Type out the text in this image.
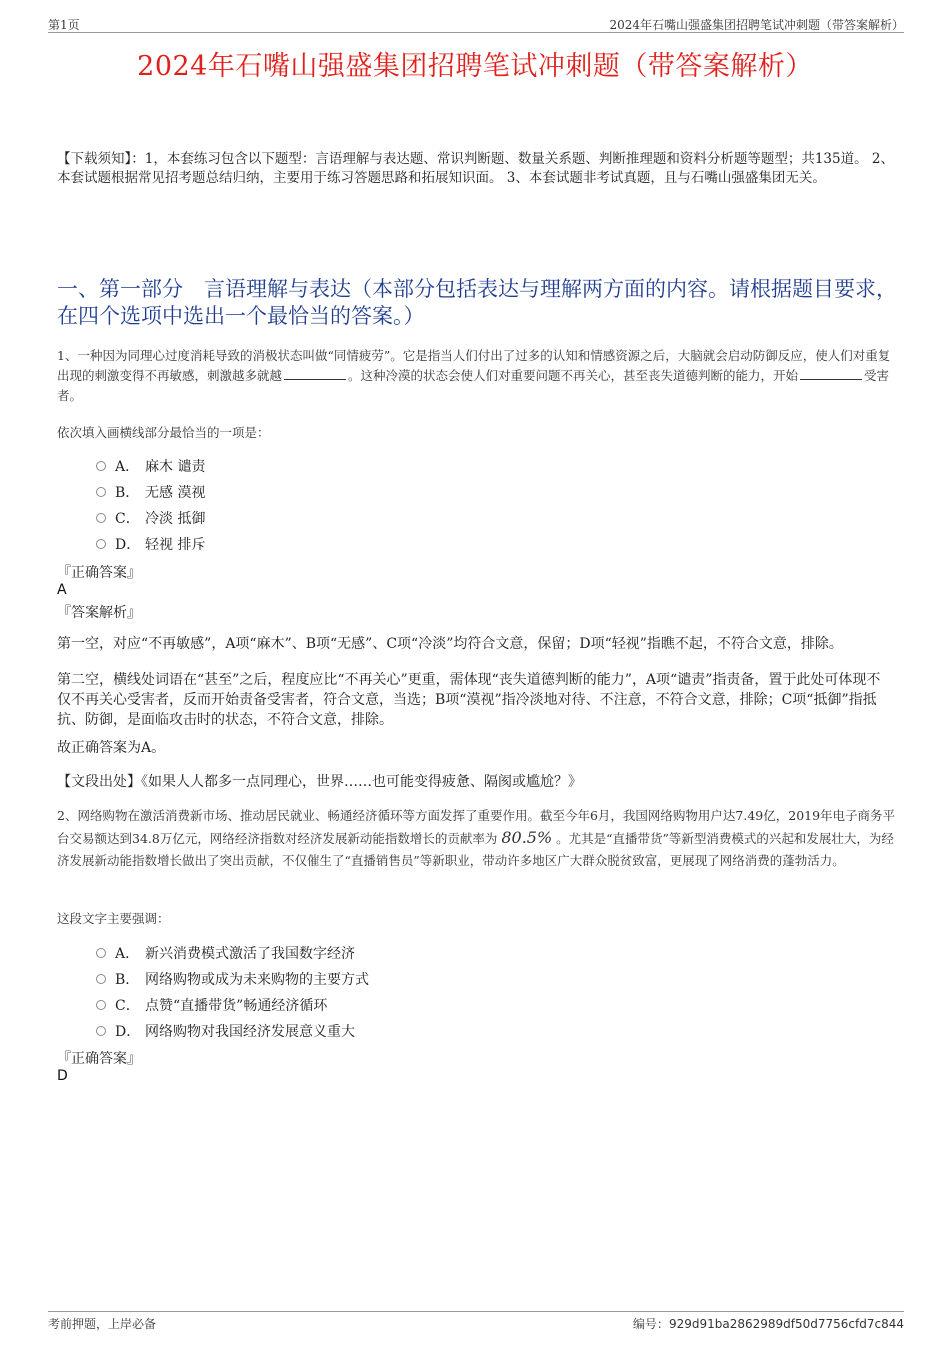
第1页	2024年石嘴山强盛集团招聘笔试冲刺题（带答案解析）
2024年石嘴山强盛集团招聘笔试冲刺题（带答案解析）
【下载须知】：1，本套练习包含以下题型：言语理解与表达题、常识判断题、数量关系题、判断推理题和资料分析题等题型；共135道。 2、本套试题根据常见招考题总结归纳，主要用于练习答题思路和拓展知识面。 3、本套试题非考试真题，且与石嘴山强盛集团无关。
一、第一部分　言语理解与表达（本部分包括表达与理解两方面的内容。请根据题目要求，在四个选项中选出一个最恰当的答案。）
1、一种因为同理心过度消耗导致的消极状态叫做“同情疲劳”。它是指当人们付出了过多的认知和情感资源之后，大脑就会启动防御反应，使人们对重复出现的刺激变得不再敏感，刺激越多就越	。这种冷漠的状态会使人们对重要问题不再关心，甚至丧失道德判断的能力，开始	受害者。
依次填入画横线部分最恰当的一项是：
A． 麻木 谴责
B． 无感 漠视
C． 冷淡 抵御
D． 轻视 排斥
『正确答案』
A
『答案解析』
第一空，对应“不再敏感”，A项“麻木”、B项“无感”、C项“冷淡”均符合文意，保留；D项“轻视”指瞧不起，不符合文意，排除。
第二空，横线处词语在“甚至”之后，程度应比“不再关心”更重，需体现“丧失道德判断的能力”，A项“谴责”指责备，置于此处可体现不仅不再关心受害者，反而开始责备受害者，符合文意，当选；B项“漠视”指冷淡地对待、不注意，不符合文意，排除；C项“抵御”指抵抗、防御，是面临攻击时的状态，不符合文意，排除。
故正确答案为A。
【文段出处】《如果人人都多一点同理心，世界……也可能变得疲惫、隔阂或尴尬？》
2、网络购物在激活消费新市场、推动居民就业、畅通经济循环等方面发挥了重要作用。截至今年6月，我国网络购物用户达7.49亿，2019年电子商务平台交易额达到34.8万亿元，网络经济指数对经济发展新动能指数增长的贡献率为 80.5% 。尤其是“直播带货”等新型消费模式的兴起和发展壮大，为经济发展新动能指数增长做出了突出贡献，不仅催生了“直播销售员”等新职业，带动许多地区广大群众脱贫致富，更展现了网络消费的蓬勃活力。
这段文字主要强调：
A． 新兴消费模式激活了我国数字经济
B． 网络购物或成为未来购物的主要方式
C． 点赞“直播带货”畅通经济循环
D． 网络购物对我国经济发展意义重大
『正确答案』
D
考前押题，上岸必备	编号：929d91ba2862989df50d7756cfd7c844
